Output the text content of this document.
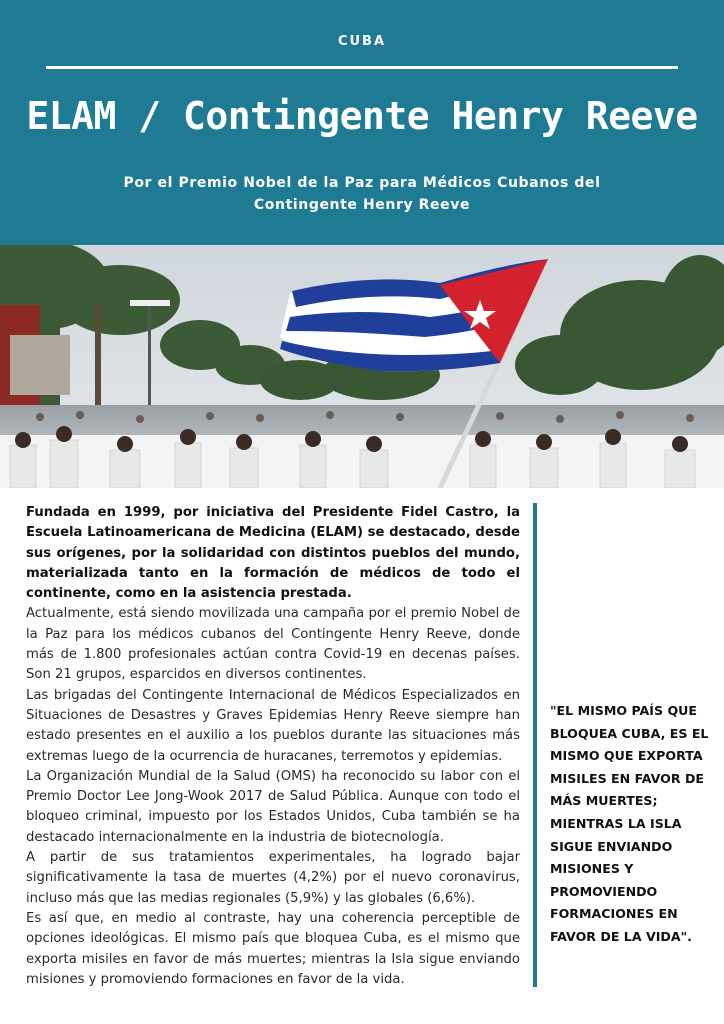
CUBA
ELAM / Contingente Henry Reeve
Por el Premio Nobel de la Paz para Médicos Cubanos del Contingente Henry Reeve

Fundada en 1999, por iniciativa del Presidente Fidel Castro, la Escuela Latinoamericana de Medicina (ELAM) se destacado, desde sus orígenes, por la solidaridad con distintos pueblos del mundo, materializada tanto en la formación de médicos de todo el continente, como en la asistencia prestada.

Actualmente, está siendo movilizada una campaña por el premio Nobel de la Paz para los médicos cubanos del Contingente Henry Reeve, donde más de 1.800 profesionales actúan contra Covid-19 en decenas países. Son 21 grupos, esparcidos en diversos continentes.

Las brigadas del Contingente Internacional de Médicos Especializados en Situaciones de Desastres y Graves Epidemias Henry Reeve siempre han estado presentes en el auxilio a los pueblos durante las situaciones más extremas luego de la ocurrencia de huracanes, terremotos y epidemias.

La Organización Mundial de la Salud (OMS) ha reconocido su labor con el Premio Doctor Lee Jong-Wook 2017 de Salud Pública. Aunque con todo el bloqueo criminal, impuesto por los Estados Unidos, Cuba también se ha destacado internacionalmente en la industria de biotecnología.

A partir de sus tratamientos experimentales, ha logrado bajar significativamente la tasa de muertes (4,2%) por el nuevo coronavirus, incluso más que las medias regionales (5,9%) y las globales (6,6%).

Es así que, en medio al contraste, hay una coherencia perceptible de opciones ideológicas. El mismo país que bloquea Cuba, es el mismo que exporta misiles en favor de más muertes; mientras la Isla sigue enviando misiones y promoviendo formaciones en favor de la vida.

"EL MISMO PAÍS QUE BLOQUEA CUBA, ES EL MISMO QUE EXPORTA MISILES EN FAVOR DE MÁS MUERTES; MIENTRAS LA ISLA SIGUE ENVIANDO MISIONES Y PROMOVIENDO FORMACIONES EN FAVOR DE LA VIDA".
